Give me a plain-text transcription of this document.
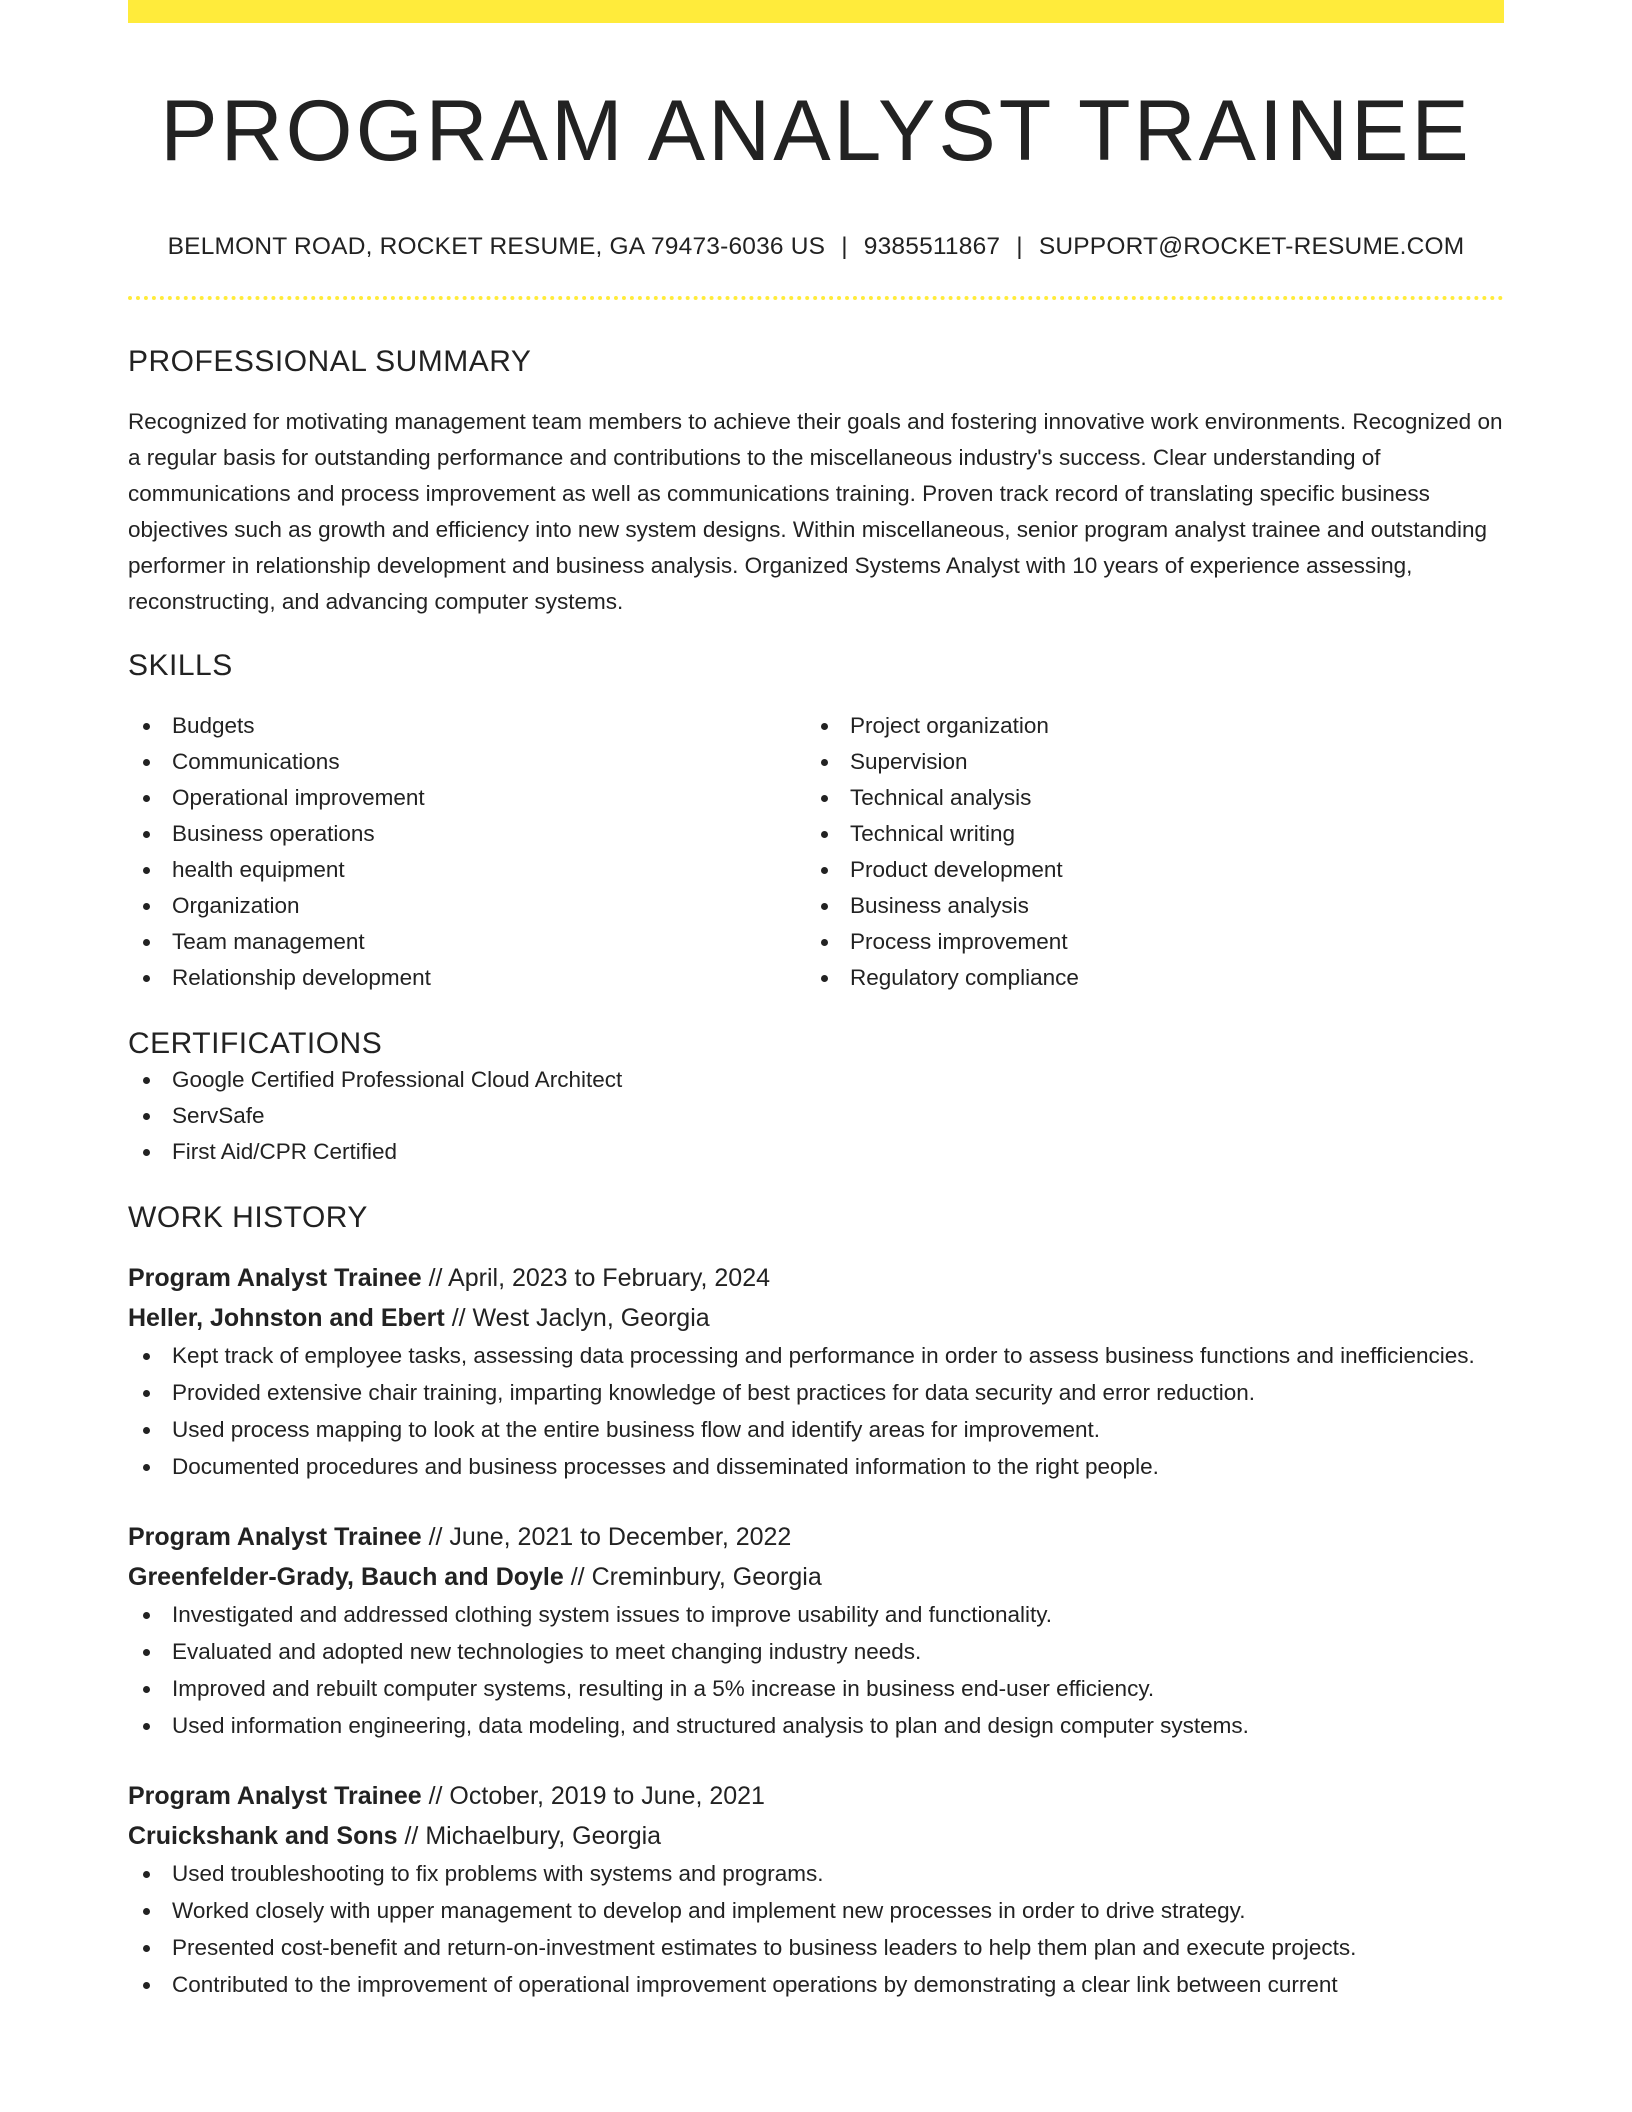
PROGRAM ANALYST TRAINEE
BELMONT ROAD, ROCKET RESUME, GA 79473-6036 US | 9385511867 | SUPPORT@ROCKET-RESUME.COM
PROFESSIONAL SUMMARY

Recognized for motivating management team members to achieve their goals and fostering innovative work environments. Recognized on a regular basis for outstanding performance and contributions to the miscellaneous industry's success. Clear understanding of communications and process improvement as well as communications training. Proven track record of translating specific business objectives such as growth and efficiency into new system designs. Within miscellaneous, senior program analyst trainee and outstanding performer in relationship development and business analysis. Organized Systems Analyst with 10 years of experience assessing, reconstructing, and advancing computer systems.

SKILLS
Budgets
Communications
Operational improvement
Business operations
health equipment
Organization
Team management
Relationship development
Project organization
Supervision
Technical analysis
Technical writing
Product development
Business analysis
Process improvement
Regulatory compliance
CERTIFICATIONS
Google Certified Professional Cloud Architect
ServSafe
First Aid/CPR Certified
WORK HISTORY
Program Analyst Trainee // April, 2023 to February, 2024
Heller, Johnston and Ebert // West Jaclyn, Georgia
Kept track of employee tasks, assessing data processing and performance in order to assess business functions and inefficiencies.
Provided extensive chair training, imparting knowledge of best practices for data security and error reduction.
Used process mapping to look at the entire business flow and identify areas for improvement.
Documented procedures and business processes and disseminated information to the right people.
Program Analyst Trainee // June, 2021 to December, 2022
Greenfelder-Grady, Bauch and Doyle // Creminbury, Georgia
Investigated and addressed clothing system issues to improve usability and functionality.
Evaluated and adopted new technologies to meet changing industry needs.
Improved and rebuilt computer systems, resulting in a 5% increase in business end-user efficiency.
Used information engineering, data modeling, and structured analysis to plan and design computer systems.
Program Analyst Trainee // October, 2019 to June, 2021
Cruickshank and Sons // Michaelbury, Georgia
Used troubleshooting to fix problems with systems and programs.
Worked closely with upper management to develop and implement new processes in order to drive strategy.
Presented cost-benefit and return-on-investment estimates to business leaders to help them plan and execute projects.
Contributed to the improvement of operational improvement operations by demonstrating a clear link between current
